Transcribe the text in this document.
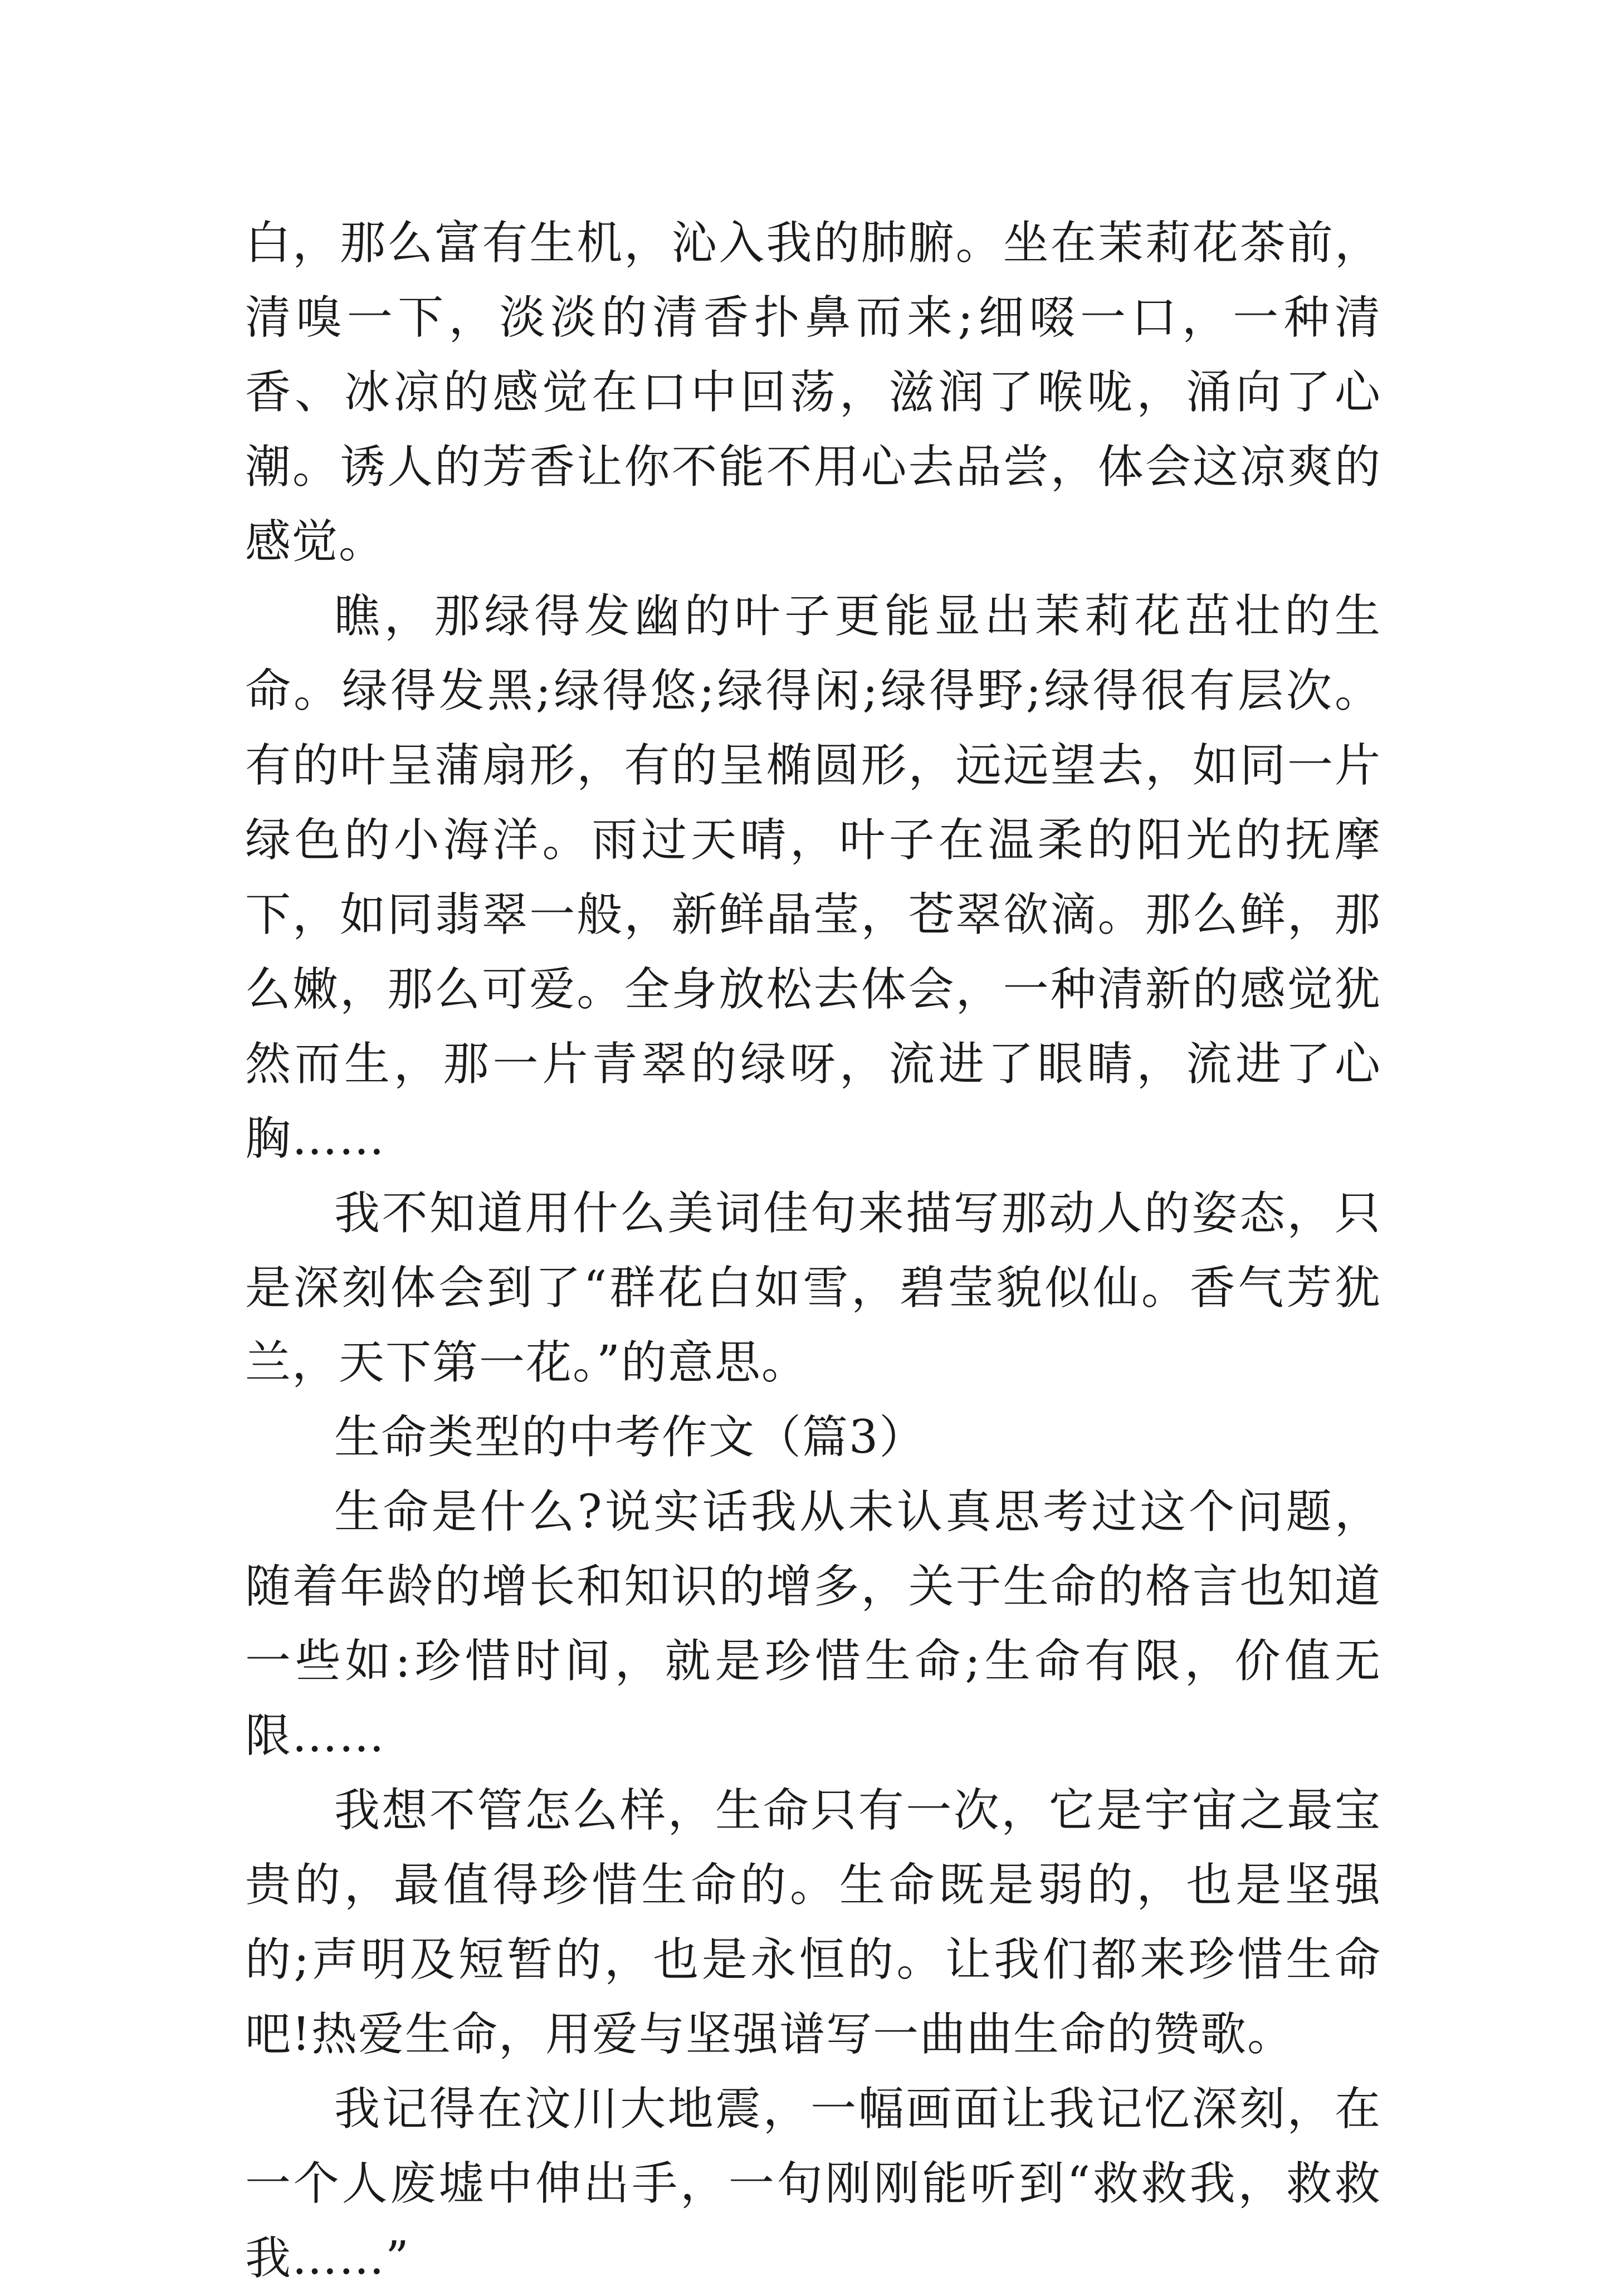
白，那么富有生机，沁入我的肺腑。坐在茉莉花茶前，清嗅一下，淡淡的清香扑鼻而来;细啜一口，一种清香、冰凉的感觉在口中回荡，滋润了喉咙，涌向了心潮。诱人的芳香让你不能不用心去品尝，体会这凉爽的感觉。

瞧，那绿得发幽的叶子更能显出茉莉花茁壮的生命。绿得发黑;绿得悠;绿得闲;绿得野;绿得很有层次。有的叶呈蒲扇形，有的呈椭圆形，远远望去，如同一片绿色的小海洋。雨过天晴，叶子在温柔的阳光的抚摩下，如同翡翠一般，新鲜晶莹，苍翠欲滴。那么鲜，那么嫩，那么可爱。全身放松去体会，一种清新的感觉犹然而生，那一片青翠的绿呀，流进了眼睛，流进了心胸……

我不知道用什么美词佳句来描写那动人的姿态，只是深刻体会到了“群花白如雪，碧莹貌似仙。香气芳犹兰，天下第一花。”的意思。

生命类型的中考作文（篇3）

生命是什么?说实话我从未认真思考过这个问题，随着年龄的增长和知识的增多，关于生命的格言也知道一些如:珍惜时间，就是珍惜生命;生命有限，价值无限……

我想不管怎么样，生命只有一次，它是宇宙之最宝贵的，最值得珍惜生命的。生命既是弱的，也是坚强的;声明及短暂的，也是永恒的。让我们都来珍惜生命吧!热爱生命，用爱与坚强谱写一曲曲生命的赞歌。

我记得在汶川大地震，一幅画面让我记忆深刻，在一个人废墟中伸出手，一句刚刚能听到“救救我，救救我……”
